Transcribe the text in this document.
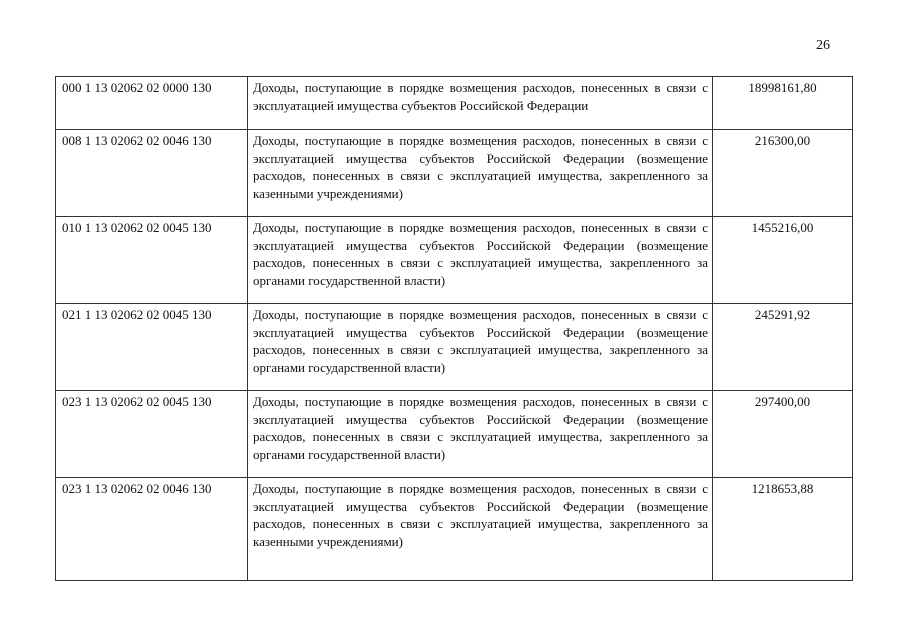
26
000 1 13 02062 02 0000 130	Доходы, поступающие в порядке возмещения расходов, понесенных в связи с эксплуатацией имущества субъектов Российской Федерации	18998161,80
008 1 13 02062 02 0046 130	Доходы, поступающие в порядке возмещения расходов, понесенных в связи с эксплуатацией имущества субъектов Российской Федерации (возмещение расходов, понесенных в связи с эксплуатацией имущества, закрепленного за казенными учреждениями)	216300,00
010 1 13 02062 02 0045 130	Доходы, поступающие в порядке возмещения расходов, понесенных в связи с эксплуатацией имущества субъектов Российской Федерации (возмещение расходов, понесенных в связи с эксплуатацией имущества, закрепленного за органами государственной власти)	1455216,00
021 1 13 02062 02 0045 130	Доходы, поступающие в порядке возмещения расходов, понесенных в связи с эксплуатацией имущества субъектов Российской Федерации (возмещение расходов, понесенных в связи с эксплуатацией имущества, закрепленного за органами государственной власти)	245291,92
023 1 13 02062 02 0045 130	Доходы, поступающие в порядке возмещения расходов, понесенных в связи с эксплуатацией имущества субъектов Российской Федерации (возмещение расходов, понесенных в связи с эксплуатацией имущества, закрепленного за органами государственной власти)	297400,00
023 1 13 02062 02 0046 130	Доходы, поступающие в порядке возмещения расходов, понесенных в связи с эксплуатацией имущества субъектов Российской Федерации (возмещение расходов, понесенных в связи с эксплуатацией имущества, закрепленного за казенными учреждениями)	1218653,88
